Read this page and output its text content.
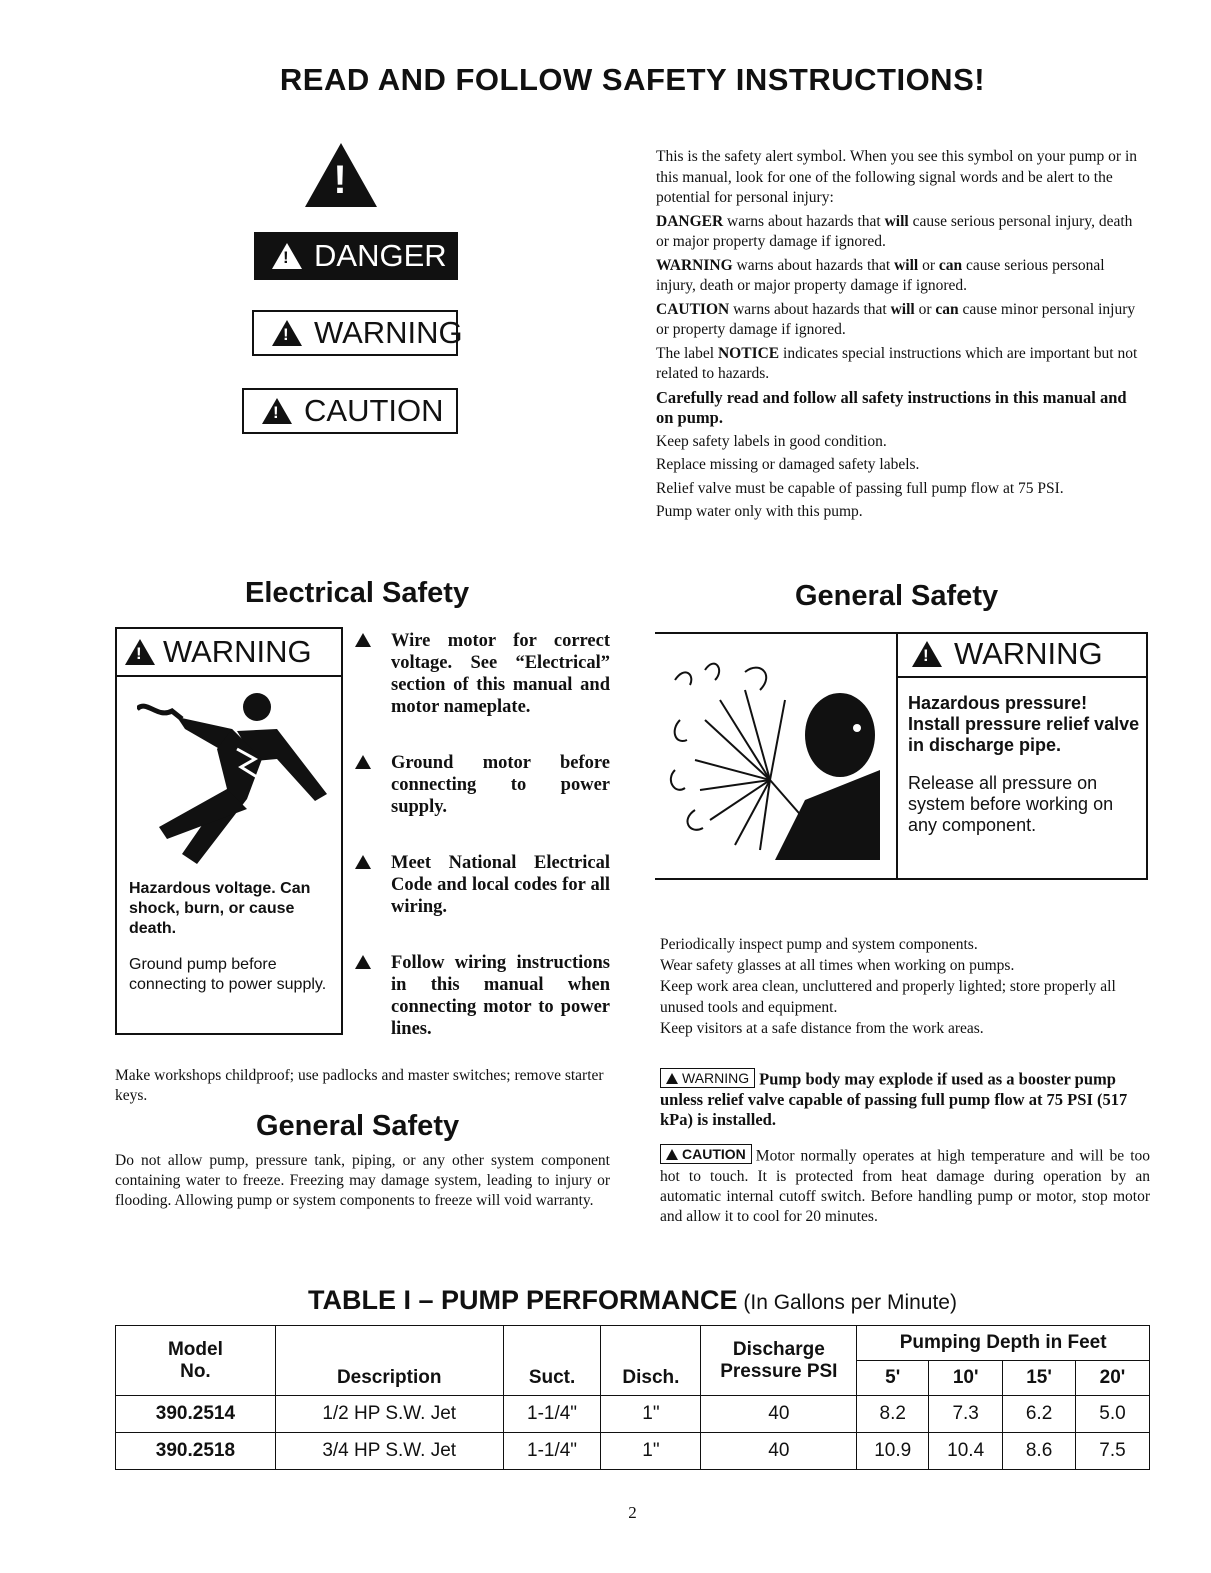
READ AND FOLLOW SAFETY INSTRUCTIONS!
!
!
DANGER
!
WARNING
!
CAUTION

This is the safety alert symbol. When you see this symbol on your pump or in this manual, look for one of the following signal words and be alert to the potential for personal injury:

DANGER warns about hazards that will cause serious personal injury, death or major property damage if ignored.

WARNING warns about hazards that will or can cause serious personal injury, death or major property damage if ignored.

CAUTION warns about hazards that will or can cause minor personal injury or property damage if ignored.

The label NOTICE indicates special instructions which are important but not related to hazards.

Carefully read and follow all safety instructions in this manual and on pump.

Keep safety labels in good condition.

Replace missing or damaged safety labels.

Relief valve must be capable of passing full pump flow at 75 PSI.

Pump water only with this pump.

Electrical Safety
!
WARNING
Hazardous voltage. Can shock, burn, or cause death.
Ground pump before connecting to power supply.
Wire motor for correct voltage. See “Electrical” section of this manual and motor nameplate.
Ground motor before connecting to power supply.
Meet National Electrical Code and local codes for all wiring.
Follow wiring instructions in this manual when connecting motor to power lines.
Make workshops childproof; use padlocks and master switches; remove starter keys.
General Safety
Do not allow pump, pressure tank, piping, or any other system component containing water to freeze. Freezing may damage system, leading to injury or flooding. Allowing pump or system components to freeze will void warranty.
General Safety
!
WARNING
Hazardous pressure! Install pressure relief valve in discharge pipe.
Release all pressure on system before working on any component.

Periodically inspect pump and system components.

Wear safety glasses at all times when working on pumps.

Keep work area clean, uncluttered and properly lighted; store properly all unused tools and equipment.

Keep visitors at a safe distance from the work areas.

WARNING Pump body may explode if used as a booster pump unless relief valve capable of passing full pump flow at 75 PSI (517 kPa) is installed.
CAUTION Motor normally operates at high temperature and will be too hot to touch. It is protected from heat damage during operation by an automatic internal cutoff switch. Before handling pump or motor, stop motor and allow it to cool for 20 minutes.
TABLE I – PUMP PERFORMANCE (In Gallons per Minute)
Model
No.	Description	Suct.	Disch.	Discharge
Pressure PSI	Pumping Depth in Feet			
					5'	10'	15'	20'
390.2514	1/2 HP S.W. Jet	1-1/4"	1"	40	8.2	7.3	6.2	5.0
390.2518	3/4 HP S.W. Jet	1-1/4"	1"	40	10.9	10.4	8.6	7.5
2
